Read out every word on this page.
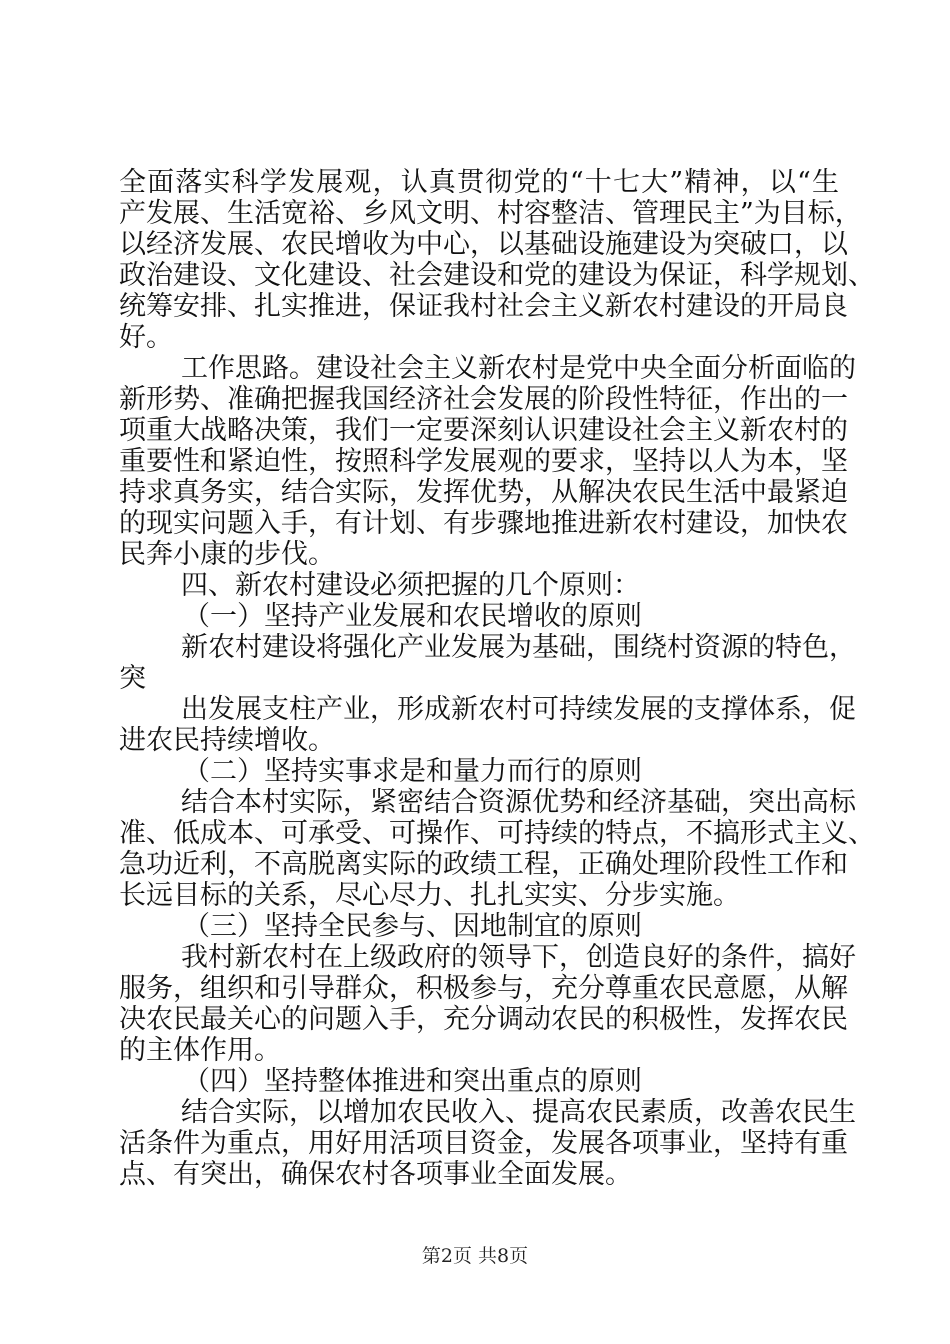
全面落实科学发展观，认真贯彻党的“十七大”精神，以“生
产发展、生活宽裕、乡风文明、村容整洁、管理民主”为目标，
以经济发展、农民增收为中心，以基础设施建设为突破口，以
政治建设、文化建设、社会建设和党的建设为保证，科学规划、
统筹安排、扎实推进，保证我村社会主义新农村建设的开局良
好。
工作思路。建设社会主义新农村是党中央全面分析面临的
新形势、准确把握我国经济社会发展的阶段性特征，作出的一
项重大战略决策，我们一定要深刻认识建设社会主义新农村的
重要性和紧迫性，按照科学发展观的要求，坚持以人为本，坚
持求真务实，结合实际，发挥优势，从解决农民生活中最紧迫
的现实问题入手，有计划、有步骤地推进新农村建设，加快农
民奔小康的步伐。
四、新农村建设必须把握的几个原则：
（一）坚持产业发展和农民增收的原则
新农村建设将强化产业发展为基础，围绕村资源的特色，
突
出发展支柱产业，形成新农村可持续发展的支撑体系，促
进农民持续增收。
（二）坚持实事求是和量力而行的原则
结合本村实际，紧密结合资源优势和经济基础，突出高标
准、低成本、可承受、可操作、可持续的特点，不搞形式主义、
急功近利，不高脱离实际的政绩工程，正确处理阶段性工作和
长远目标的关系，尽心尽力、扎扎实实、分步实施。
（三）坚持全民参与、因地制宜的原则
我村新农村在上级政府的领导下，创造良好的条件，搞好
服务，组织和引导群众，积极参与，充分尊重农民意愿，从解
决农民最关心的问题入手，充分调动农民的积极性，发挥农民
的主体作用。
（四）坚持整体推进和突出重点的原则
结合实际，以增加农民收入、提高农民素质，改善农民生
活条件为重点，用好用活项目资金，发展各项事业，坚持有重
点、有突出，确保农村各项事业全面发展。
第2页 共8页
